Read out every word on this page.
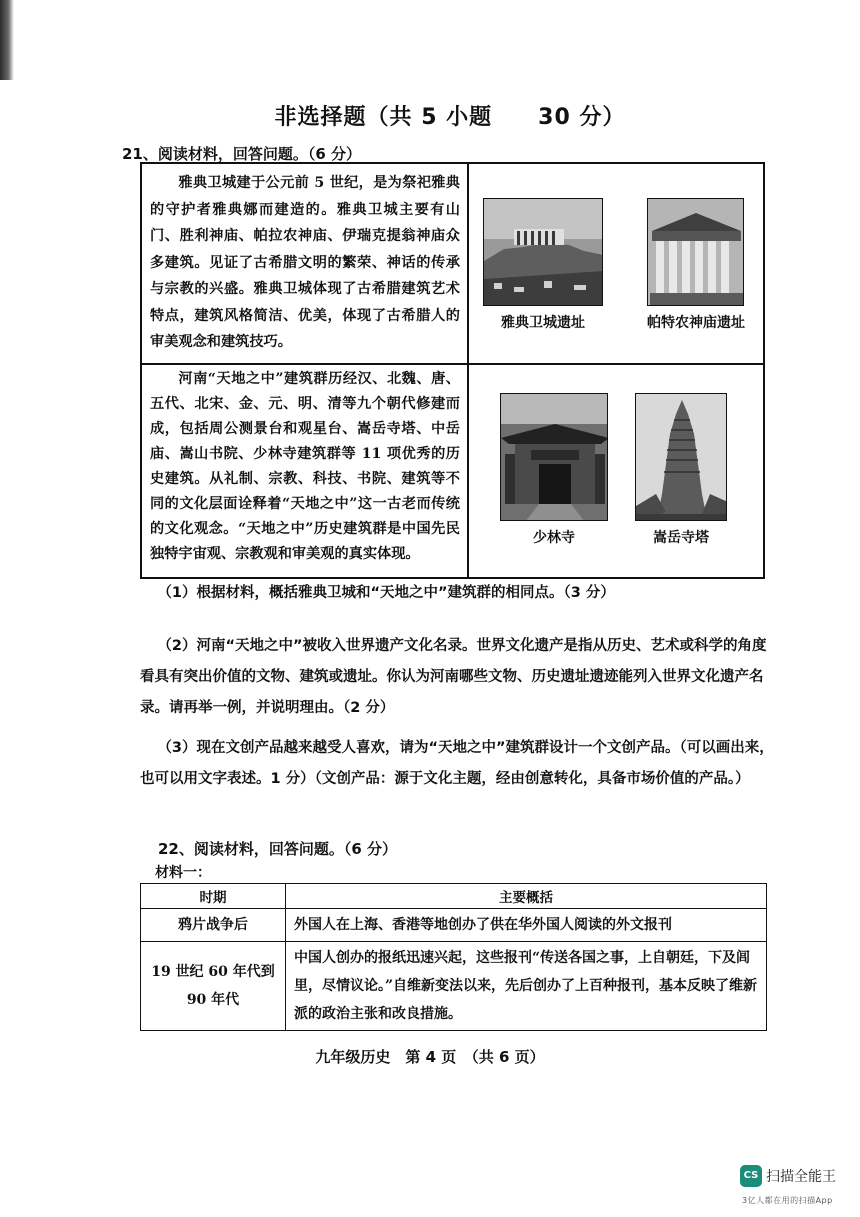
非选择题（共 5 小题　　30 分）
21、阅读材料，回答问题。（6 分）
雅典卫城建于公元前 5 世纪，是为祭祀雅典的守护者雅典娜而建造的。雅典卫城主要有山门、胜利神庙、帕拉农神庙、伊瑞克提翁神庙众多建筑。见证了古希腊文明的繁荣、神话的传承与宗教的兴盛。雅典卫城体现了古希腊建筑艺术特点，建筑风格简洁、优美，体现了古希腊人的审美观念和建筑技巧。
雅典卫城遗址	帕特农神庙遗址
河南“天地之中”建筑群历经汉、北魏、唐、五代、北宋、金、元、明、清等九个朝代修建而成，包括周公测景台和观星台、嵩岳寺塔、中岳庙、嵩山书院、少林寺建筑群等 11 项优秀的历史建筑。从礼制、宗教、科技、书院、建筑等不同的文化层面诠释着“天地之中”这一古老而传统的文化观念。“天地之中”历史建筑群是中国先民独特宇宙观、宗教观和审美观的真实体现。
少林寺	嵩岳寺塔
（1）根据材料，概括雅典卫城和“天地之中”建筑群的相同点。（3 分）
（2）河南“天地之中”被收入世界遗产文化名录。世界文化遗产是指从历史、艺术或科学的角度看具有突出价值的文物、建筑或遗址。你认为河南哪些文物、历史遗址遗迹能列入世界文化遗产名录。请再举一例，并说明理由。（2 分）
（3）现在文创产品越来越受人喜欢，请为“天地之中”建筑群设计一个文创产品。（可以画出来，也可以用文字表述。1 分）（文创产品：源于文化主题，经由创意转化，具备市场价值的产品。）
22、阅读材料，回答问题。（6 分）
材料一：
时期	主要概括
鸦片战争后	外国人在上海、香港等地创办了供在华外国人阅读的外文报刊
19 世纪 60 年代到 90 年代	中国人创办的报纸迅速兴起，这些报刊“传送各国之事，上自朝廷，下及闾里，尽情议论。”自维新变法以来，先后创办了上百种报刊，基本反映了维新派的政治主张和改良措施。
九年级历史　第 4 页　（共 6 页）
CS 扫描全能王
3亿人都在用的扫描App
